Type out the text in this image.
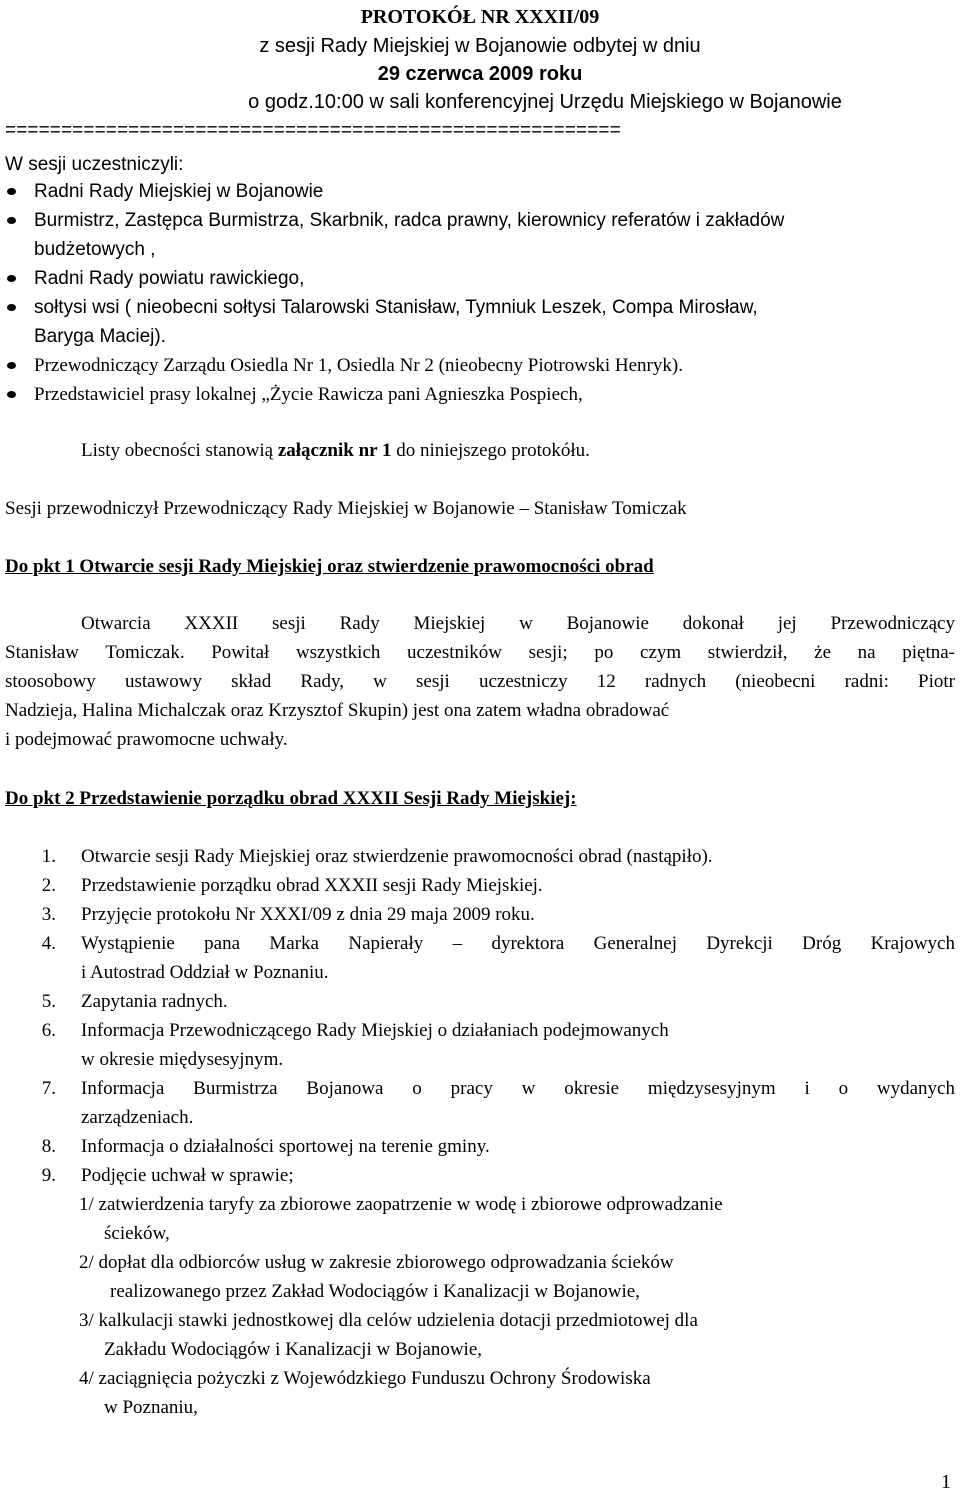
PROTOKÓŁ NR XXXII/09
z sesji Rady Miejskiej w Bojanowie odbytej w dniu
29 czerwca 2009 roku
o godz.10:00 w sali konferencyjnej Urzędu Miejskiego w Bojanowie
=======================================================
W sesji uczestniczyli:
Radni Rady Miejskiej w Bojanowie
Burmistrz, Zastępca Burmistrza, Skarbnik, radca prawny, kierownicy referatów i zakładów
budżetowych ,
Radni Rady powiatu rawickiego,
sołtysi wsi ( nieobecni sołtysi Talarowski Stanisław, Tymniuk Leszek, Compa Mirosław,
Baryga Maciej).
Przewodniczący Zarządu Osiedla Nr 1, Osiedla Nr 2 (nieobecny Piotrowski Henryk).
Przedstawiciel prasy lokalnej „Życie Rawicza pani Agnieszka Pospiech,
Listy obecności stanowią załącznik nr 1 do niniejszego protokółu.
Sesji przewodniczył Przewodniczący Rady Miejskiej w Bojanowie – Stanisław Tomiczak
Do pkt 1 Otwarcie sesji Rady Miejskiej oraz stwierdzenie prawomocności obrad
Otwarcia XXXII sesji Rady Miejskiej w Bojanowie dokonał jej Przewodniczący
Stanisław Tomiczak. Powitał wszystkich uczestników sesji; po czym stwierdził, że na piętna-
stoosobowy ustawowy skład Rady, w sesji uczestniczy 12 radnych (nieobecni radni: Piotr
Nadzieja, Halina Michalczak oraz Krzysztof Skupin) jest ona zatem władna obradować
i podejmować prawomocne uchwały.
Do pkt 2 Przedstawienie porządku obrad XXXII Sesji Rady Miejskiej:
1. Otwarcie sesji Rady Miejskiej oraz stwierdzenie prawomocności obrad (nastąpiło).
2. Przedstawienie porządku obrad XXXII sesji Rady Miejskiej.
3. Przyjęcie protokołu Nr XXXI/09 z dnia 29 maja 2009 roku.
4. Wystąpienie pana Marka Napierały – dyrektora Generalnej Dyrekcji Dróg Krajowych
i Autostrad Oddział w Poznaniu.
5. Zapytania radnych.
6. Informacja Przewodniczącego Rady Miejskiej o działaniach podejmowanych
w okresie międysesyjnym.
7. Informacja Burmistrza Bojanowa o pracy w okresie międzysesyjnym i o wydanych
zarządzeniach.
8. Informacja o działalności sportowej na terenie gminy.
9. Podjęcie uchwał w sprawie;
1/ zatwierdzenia taryfy za zbiorowe zaopatrzenie w wodę i zbiorowe odprowadzanie
ścieków,
2/ dopłat dla odbiorców usług w zakresie zbiorowego odprowadzania ścieków
realizowanego przez Zakład Wodociągów i Kanalizacji w Bojanowie,
3/ kalkulacji stawki jednostkowej dla celów udzielenia dotacji przedmiotowej dla
Zakładu Wodociągów i Kanalizacji w Bojanowie,
4/ zaciągnięcia pożyczki z Wojewódzkiego Funduszu Ochrony Środowiska
w Poznaniu,
1
